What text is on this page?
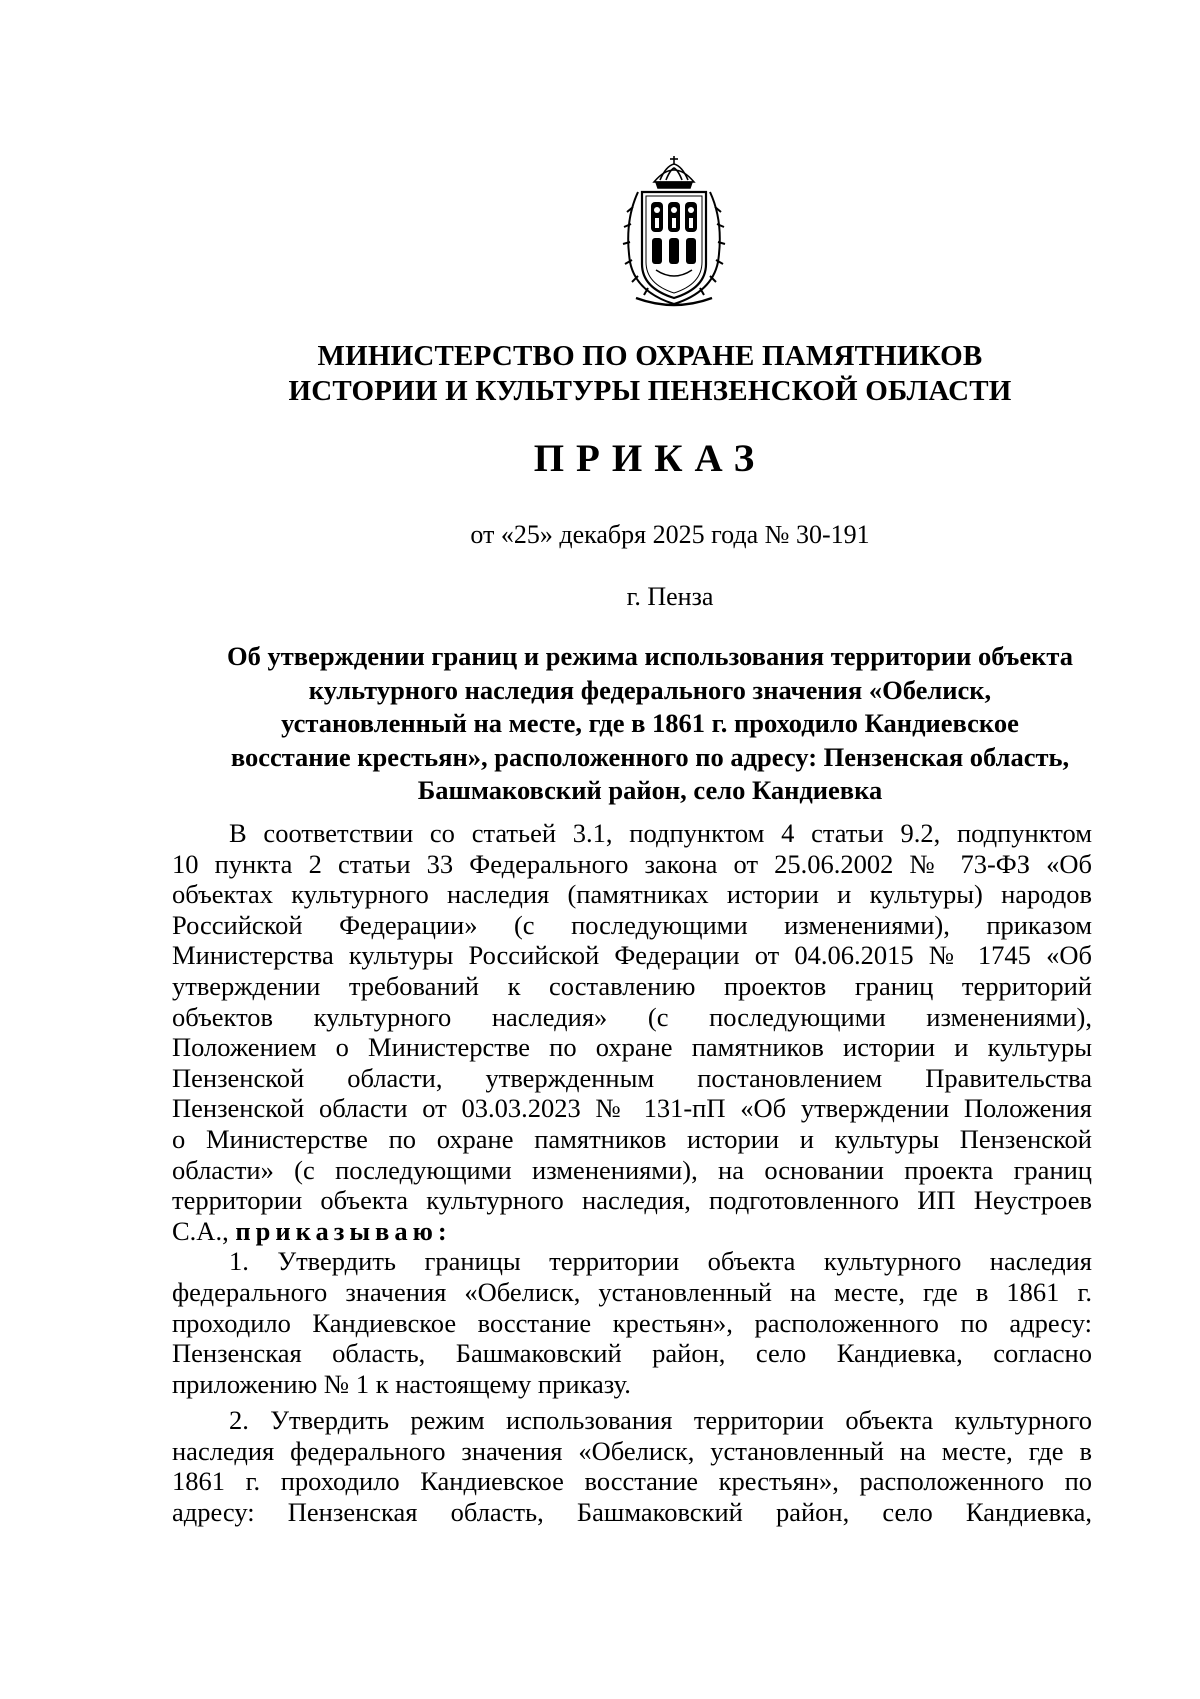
МИНИСТЕРСТВО ПО ОХРАНЕ ПАМЯТНИКОВ
ИСТОРИИ И КУЛЬТУРЫ ПЕНЗЕНСКОЙ ОБЛАСТИ
ПРИКАЗ
от «25» декабря 2025 года № 30-191
г. Пенза
Об утверждении границ и режима использования территории объекта
культурного наследия федерального значения «Обелиск,
установленный на месте, где в 1861 г. проходило Кандиевское
восстание крестьян», расположенного по адресу: Пензенская область,
Башмаковский район, село Кандиевка
В соответствии со статьей 3.1, подпунктом 4 статьи 9.2, подпунктом
10 пункта 2 статьи 33 Федерального закона от 25.06.2002 № 73-ФЗ «Об
объектах культурного наследия (памятниках истории и культуры) народов
Российской Федерации» (с последующими изменениями), приказом
Министерства культуры Российской Федерации от 04.06.2015 № 1745 «Об
утверждении требований к составлению проектов границ территорий
объектов культурного наследия» (с последующими изменениями),
Положением о Министерстве по охране памятников истории и культуры
Пензенской области, утвержденным постановлением Правительства
Пензенской области от 03.03.2023 № 131-пП «Об утверждении Положения
о Министерстве по охране памятников истории и культуры Пензенской
области» (с последующими изменениями), на основании проекта границ
территории объекта культурного наследия, подготовленного ИП Неустроев
С.А., приказываю:
1. Утвердить границы территории объекта культурного наследия
федерального значения «Обелиск, установленный на месте, где в 1861 г.
проходило Кандиевское восстание крестьян», расположенного по адресу:
Пензенская область, Башмаковский район, село Кандиевка, согласно
приложению № 1 к настоящему приказу.
2. Утвердить режим использования территории объекта культурного
наследия федерального значения «Обелиск, установленный на месте, где в
1861 г. проходило Кандиевское восстание крестьян», расположенного по
адресу: Пензенская область, Башмаковский район, село Кандиевка,
